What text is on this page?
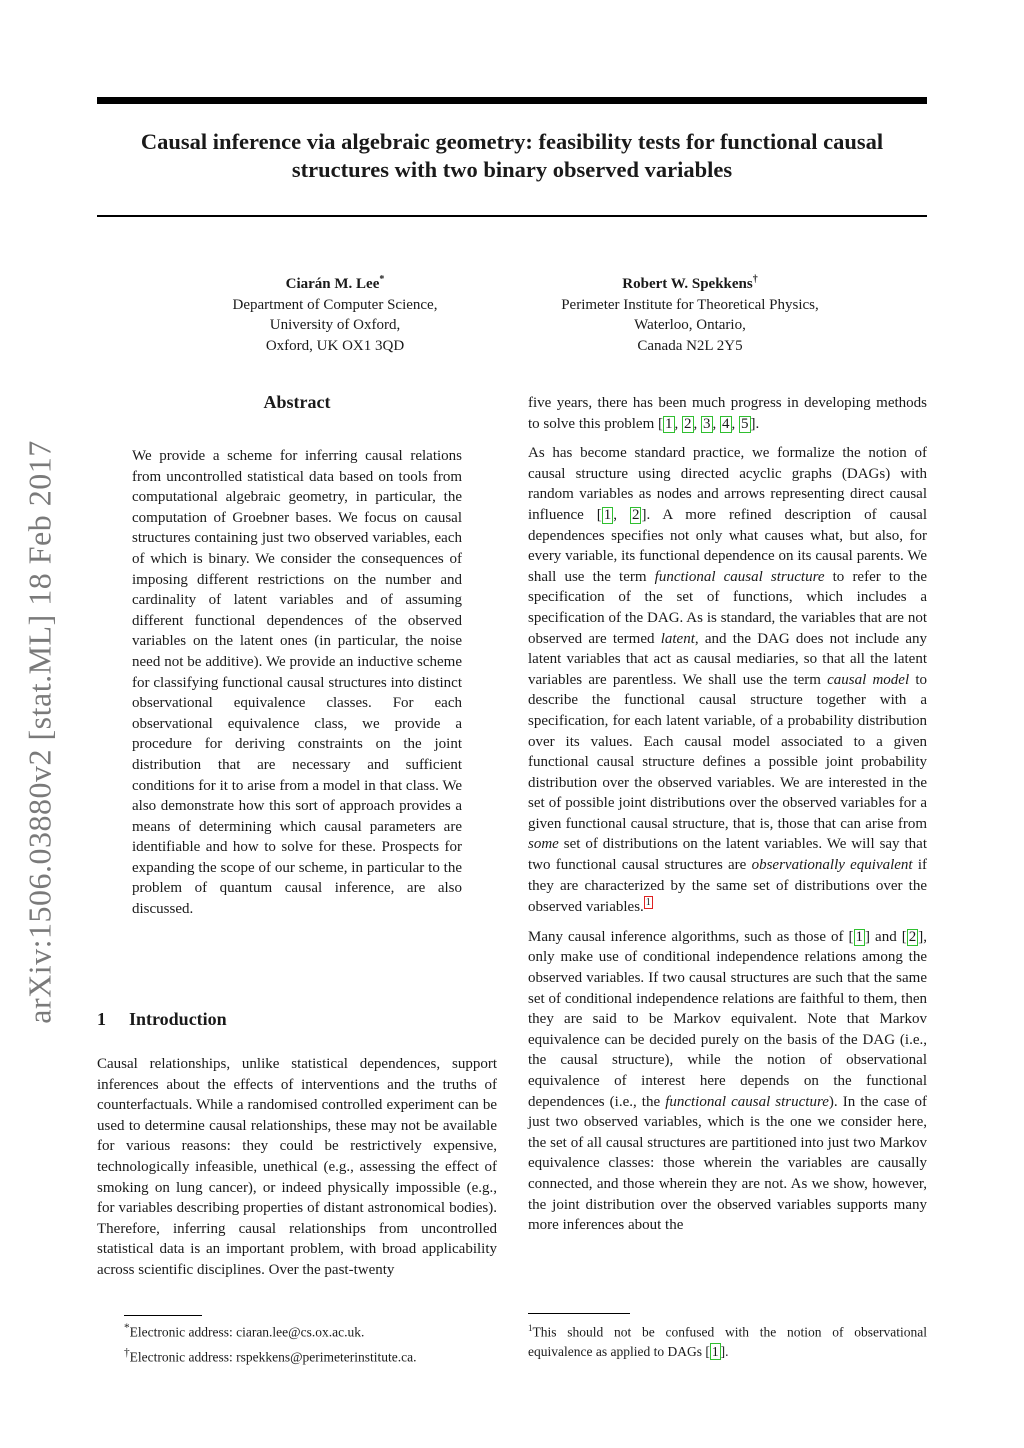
Causal inference via algebraic geometry: feasibility tests for functional causal
structures with two binary observed variables
Ciarán M. Lee*
Department of Computer Science,
University of Oxford,
Oxford, UK OX1 3QD
Robert W. Spekkens†
Perimeter Institute for Theoretical Physics,
Waterloo, Ontario,
Canada N2L 2Y5
arXiv:1506.03880v2 [stat.ML] 18 Feb 2017
Abstract
We provide a scheme for inferring causal relations from uncontrolled statistical data based on tools from computational algebraic geometry, in particular, the computation of Groebner bases. We focus on causal structures containing just two observed variables, each of which is binary. We consider the consequences of imposing different restrictions on the number and cardinality of latent variables and of assuming different functional dependences of the observed variables on the latent ones (in particular, the noise need not be additive). We provide an inductive scheme for classifying functional causal structures into distinct observational equivalence classes. For each observational equivalence class, we provide a procedure for deriving constraints on the joint distribution that are necessary and sufficient conditions for it to arise from a model in that class. We also demonstrate how this sort of approach provides a means of determining which causal parameters are identifiable and how to solve for these. Prospects for expanding the scope of our scheme, in particular to the problem of quantum causal inference, are also discussed.
1 Introduction
Causal relationships, unlike statistical dependences, support inferences about the effects of interventions and the truths of counterfactuals. While a randomised controlled experiment can be used to determine causal relationships, these may not be available for various reasons: they could be restrictively expensive, technologically infeasible, unethical (e.g., assessing the effect of smoking on lung cancer), or indeed physically impossible (e.g., for variables describing properties of distant astronomical bodies). Therefore, inferring causal relationships from uncontrolled statistical data is an important problem, with broad applicability across scientific disciplines. Over the past-twenty

five years, there has been much progress in developing methods to solve this problem [ 1 , 2 , 3 , 4 , 5 ].

As has become standard practice, we formalize the notion of causal structure using directed acyclic graphs (DAGs) with random variables as nodes and arrows representing direct causal influence [ 1 , 2 ]. A more refined description of causal dependences specifies not only what causes what, but also, for every variable, its functional dependence on its causal parents. We shall use the term functional causal structure to refer to the specification of the set of functions, which includes a specification of the DAG. As is standard, the variables that are not observed are termed latent, and the DAG does not include any latent variables that act as causal mediaries, so that all the latent variables are parentless. We shall use the term causal model to describe the functional causal structure together with a specification, for each latent variable, of a probability distribution over its values. Each causal model associated to a given functional causal structure defines a possible joint probability distribution over the observed variables. We are interested in the set of possible joint distributions over the observed variables for a given functional causal structure, that is, those that can arise from some set of distributions on the latent variables. We will say that two functional causal structures are observationally equivalent if they are characterized by the same set of distributions over the observed variables. 1

Many causal inference algorithms, such as those of [ 1 ] and [ 2 ], only make use of conditional independence relations among the observed variables. If two causal structures are such that the same set of conditional independence relations are faithful to them, then they are said to be Markov equivalent. Note that Markov equivalence can be decided purely on the basis of the DAG (i.e., the causal structure), while the notion of observational equivalence of interest here depends on the functional dependences (i.e., the functional causal structure). In the case of just two observed variables, which is the one we consider here, the set of all causal structures are partitioned into just two Markov equivalence classes: those wherein the variables are causally connected, and those wherein they are not. As we show, however, the joint distribution over the observed variables supports many more inferences about the

*Electronic address: ciaran.lee@cs.ox.ac.uk.
†Electronic address: rspekkens@perimeterinstitute.ca.
$^1$This should not be confused with the notion of observational equivalence as applied to DAGs [ 1 ].
